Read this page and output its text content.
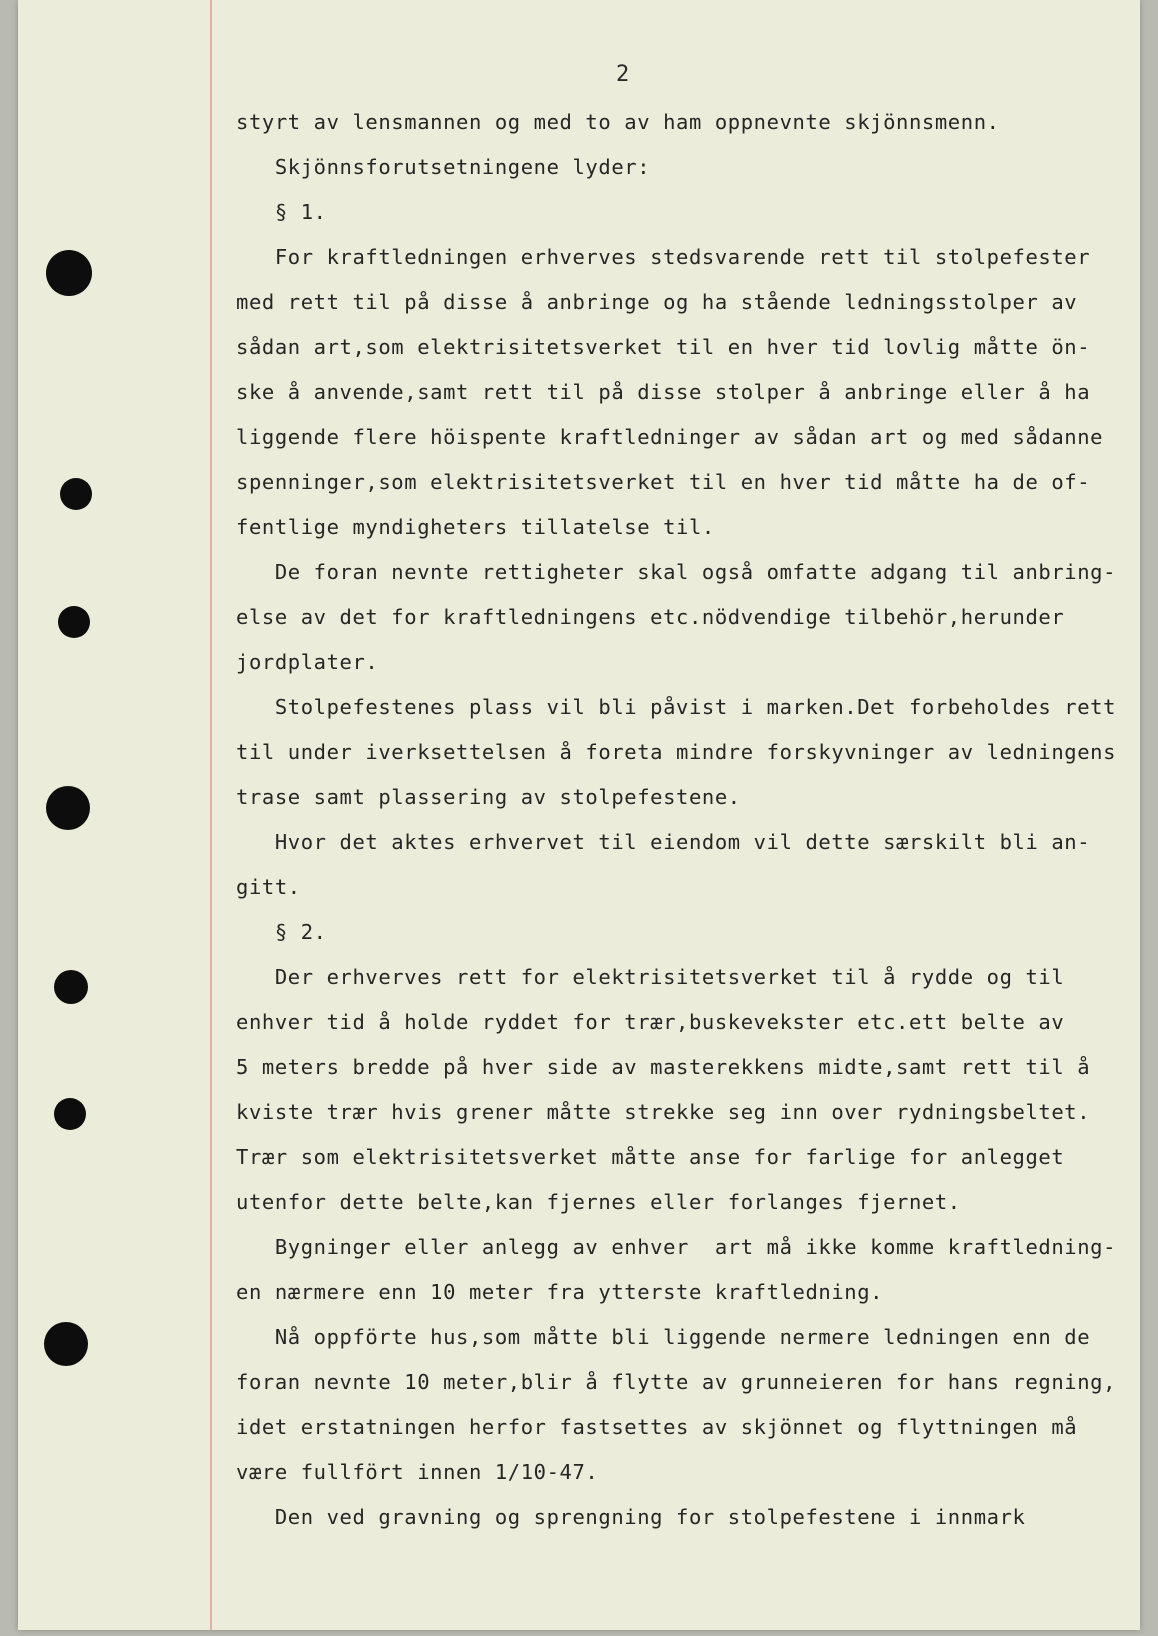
2

styrt av lensmannen og med to av ham oppnevnte skjönnsmenn.

Skjönnsforutsetningene lyder:

§ 1.

For kraftledningen erhverves stedsvarende rett til stolpefester

med rett til på disse å anbringe og ha stående ledningsstolper av

sådan art,som elektrisitetsverket til en hver tid lovlig måtte ön-

ske å anvende,samt rett til på disse stolper å anbringe eller å ha

liggende flere höispente kraftledninger av sådan art og med sådanne

spenninger,som elektrisitetsverket til en hver tid måtte ha de of-

fentlige myndigheters tillatelse til.

De foran nevnte rettigheter skal også omfatte adgang til anbring-

else av det for kraftledningens etc.nödvendige tilbehör,herunder

jordplater.

Stolpefestenes plass vil bli påvist i marken.Det forbeholdes rett

til under iverksettelsen å foreta mindre forskyvninger av ledningens

trase samt plassering av stolpefestene.

Hvor det aktes erhvervet til eiendom vil dette særskilt bli an-

gitt.

§ 2.

Der erhverves rett for elektrisitetsverket til å rydde og til

enhver tid å holde ryddet for trær,buskevekster etc.ett belte av

5 meters bredde på hver side av masterekkens midte,samt rett til å

kviste trær hvis grener måtte strekke seg inn over rydningsbeltet.

Trær som elektrisitetsverket måtte anse for farlige for anlegget

utenfor dette belte,kan fjernes eller forlanges fjernet.

Bygninger eller anlegg av enhver  art må ikke komme kraftledning-

en nærmere enn 10 meter fra ytterste kraftledning.

Nå oppförte hus,som måtte bli liggende nermere ledningen enn de

foran nevnte 10 meter,blir å flytte av grunneieren for hans regning,

idet erstatningen herfor fastsettes av skjönnet og flyttningen må

være fullfört innen 1/10-47.

Den ved gravning og sprengning for stolpefestene i innmark
